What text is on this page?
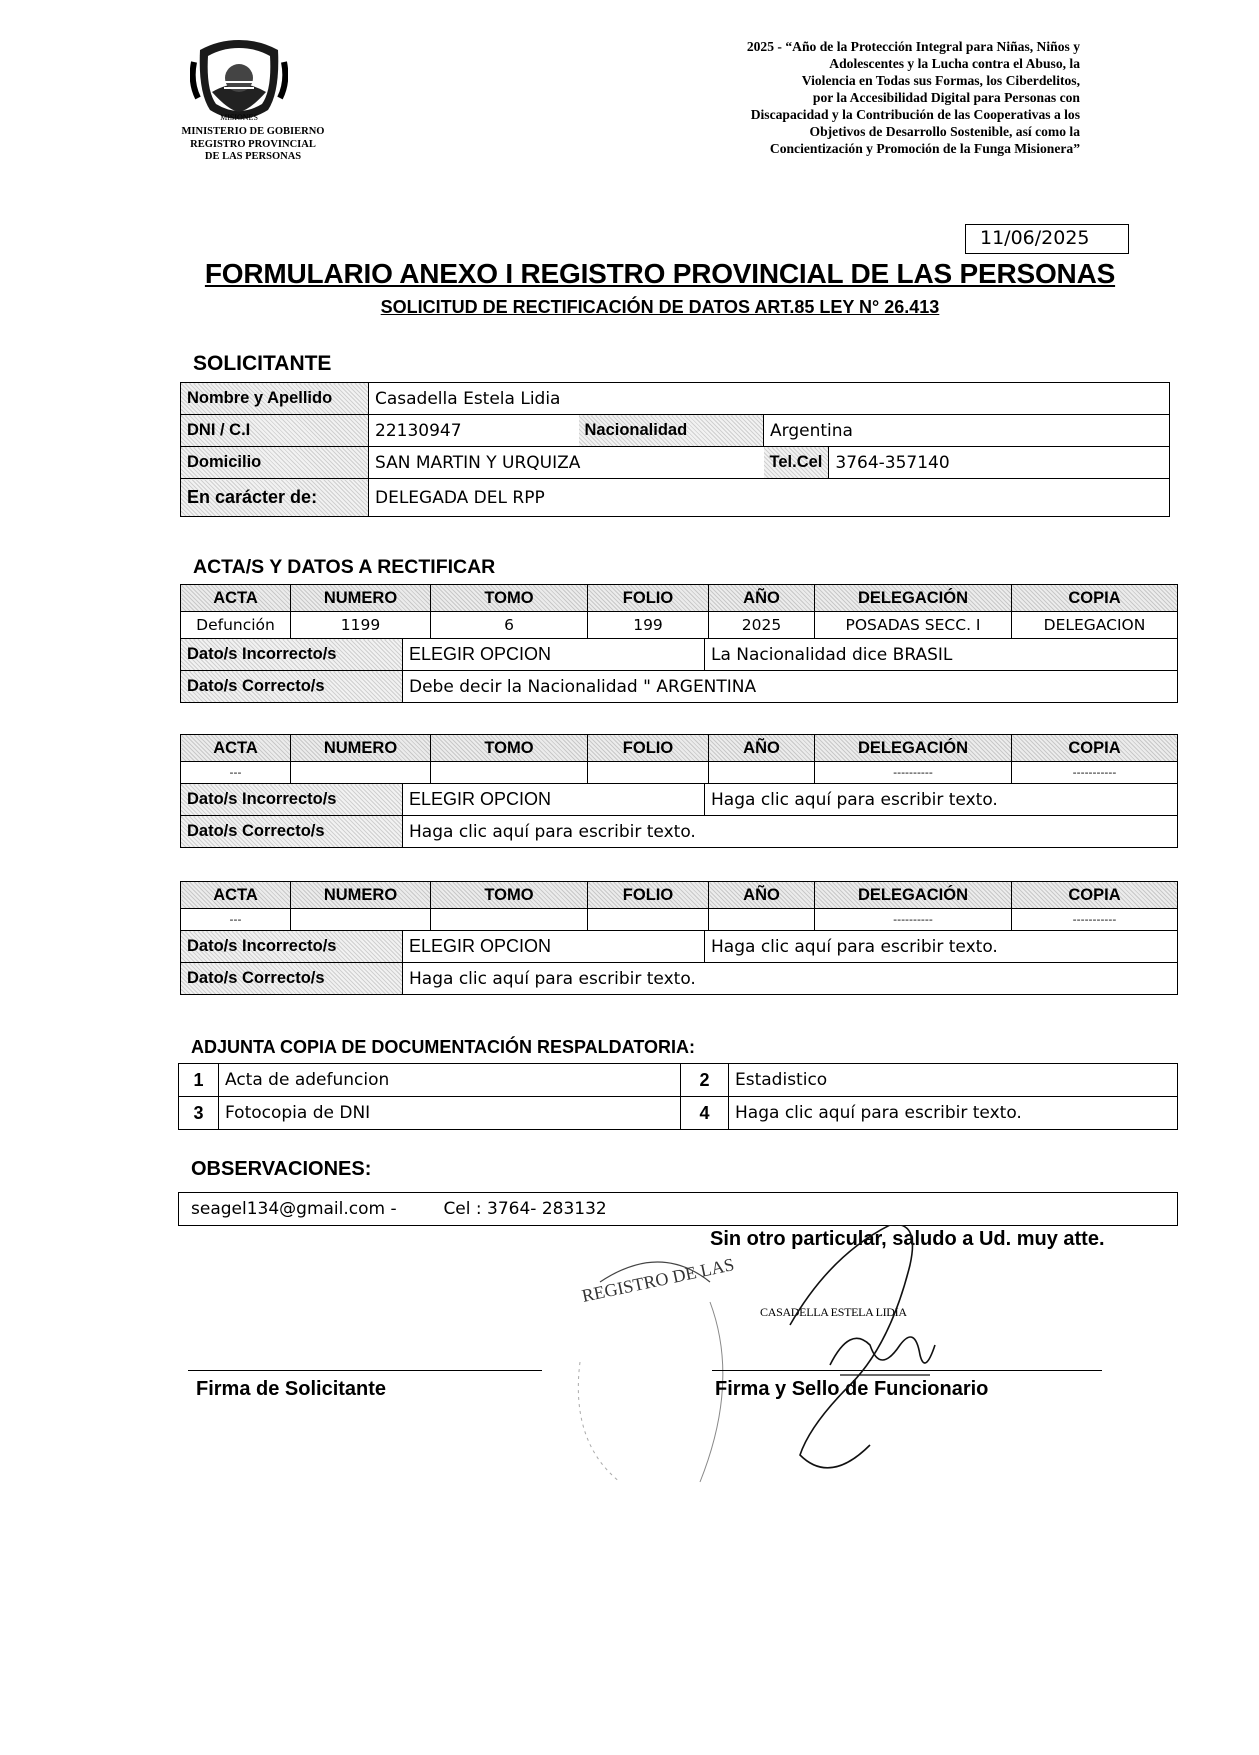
MISIONES
MINISTERIO DE GOBIERNO
REGISTRO PROVINCIAL
DE LAS PERSONAS
2025 - “Año de la Protección Integral para Niñas, Niños y
Adolescentes y la Lucha contra el Abuso, la
Violencia en Todas sus Formas, los Ciberdelitos,
por la Accesibilidad Digital para Personas con
Discapacidad y la Contribución de las Cooperativas a los
Objetivos de Desarrollo Sostenible, así como la
Concientización y Promoción de la Funga Misionera”
11/06/2025
FORMULARIO ANEXO I REGISTRO PROVINCIAL DE LAS PERSONAS
SOLICITUD DE RECTIFICACIÓN DE DATOS ART.85 LEY N° 26.413
SOLICITANTE
Nombre y Apellido	Casadella Estela Lidia			
DNI / C.I	22130947	Nacionalidad	Argentina	
Domicilio	SAN MARTIN Y URQUIZA		Tel.Cel	3764-357140
En carácter de:	DELEGADA DEL RPP			
ACTA/S Y DATOS A RECTIFICAR
ACTA	NUMERO	TOMO	FOLIO	AÑO	DELEGACIÓN	COPIA
Defunción	1199	6	199	2025	POSADAS SECC. I	DELEGACION
Dato/s Incorrecto/s	ELEGIR OPCION	La Nacionalidad dice BRASIL
Dato/s Correcto/s	Debe decir la Nacionalidad " ARGENTINA	
ACTA	NUMERO	TOMO	FOLIO	AÑO	DELEGACIÓN	COPIA
---					----------	-----------
Dato/s Incorrecto/s	ELEGIR OPCION	Haga clic aquí para escribir texto.
Dato/s Correcto/s	Haga clic aquí para escribir texto.	
ACTA	NUMERO	TOMO	FOLIO	AÑO	DELEGACIÓN	COPIA
---					----------	-----------
Dato/s Incorrecto/s	ELEGIR OPCION	Haga clic aquí para escribir texto.
Dato/s Correcto/s	Haga clic aquí para escribir texto.	
ADJUNTA COPIA DE DOCUMENTACIÓN RESPALDATORIA:
1	Acta de adefuncion	2	Estadistico
3	Fotocopia de DNI	4	Haga clic aquí para escribir texto.
OBSERVACIONES:
seagel134@gmail.com -	Cel : 3764- 283132
Sin otro particular, saludo a Ud. muy atte.
REGISTRO DE LAS
Firma de Solicitante	Firma y Sello de Funcionario
CASADELLA ESTELA LIDIA
